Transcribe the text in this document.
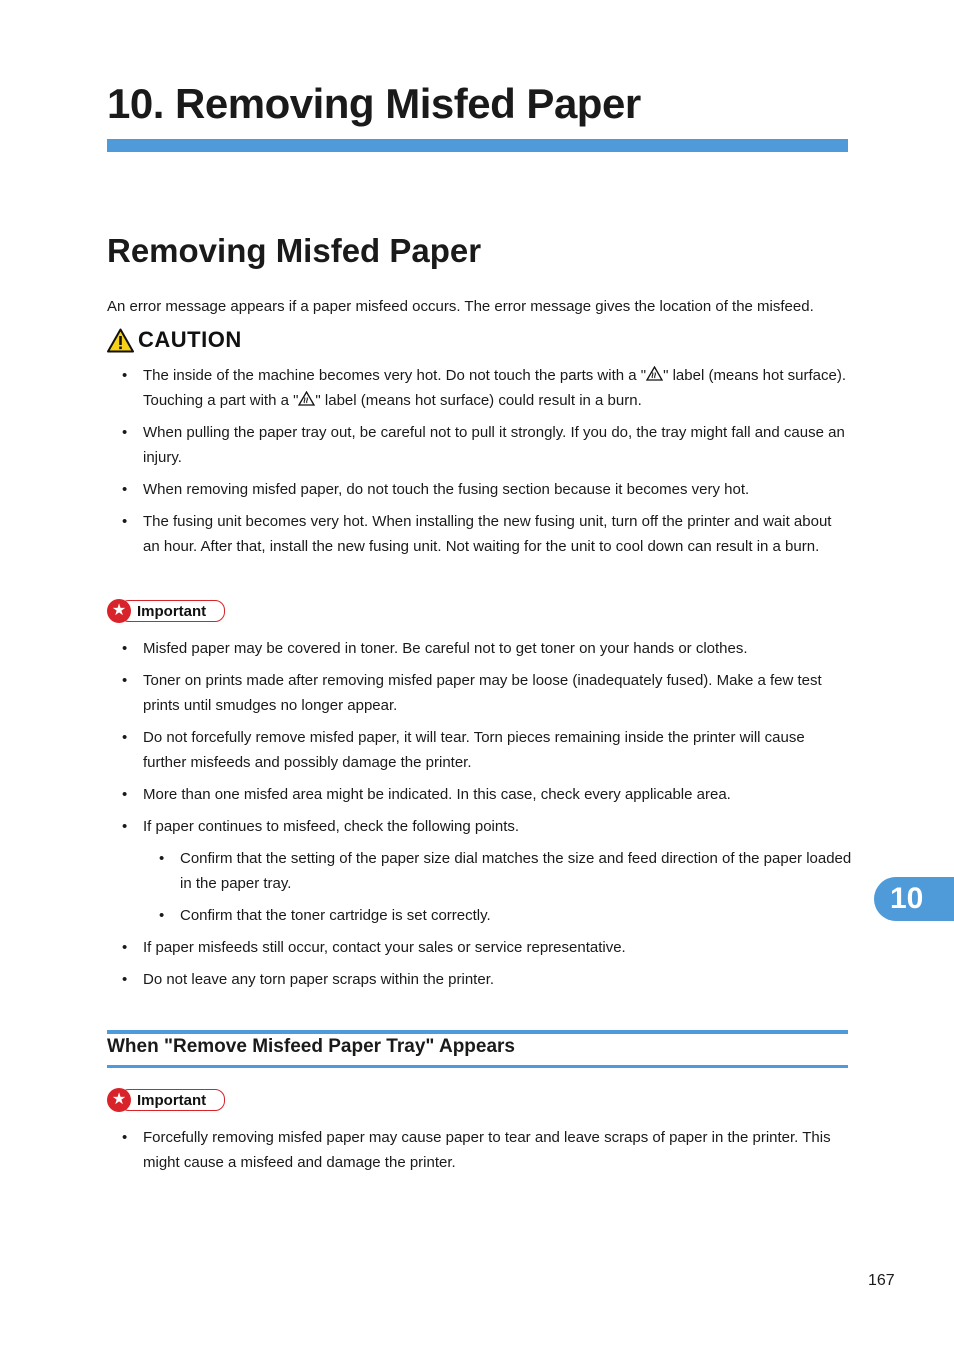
10. Removing Misfed Paper
Removing Misfed Paper

An error message appears if a paper misfeed occurs. The error message gives the location of the misfeed.

CAUTION
• The inside of the machine becomes very hot. Do not touch the parts with a " " label (means hot surface). Touching a part with a " " label (means hot surface) could result in a burn.
• When pulling the paper tray out, be careful not to pull it strongly. If you do, the tray might fall and cause an injury.
• When removing misfed paper, do not touch the fusing section because it becomes very hot.
• The fusing unit becomes very hot. When installing the new fusing unit, turn off the printer and wait about an hour. After that, install the new fusing unit. Not waiting for the unit to cool down can result in a burn.
★ Important
• Misfed paper may be covered in toner. Be careful not to get toner on your hands or clothes.
• Toner on prints made after removing misfed paper may be loose (inadequately fused). Make a few test prints until smudges no longer appear.
• Do not forcefully remove misfed paper, it will tear. Torn pieces remaining inside the printer will cause further misfeeds and possibly damage the printer.
• More than one misfed area might be indicated. In this case, check every applicable area.
• If paper continues to misfeed, check the following points.
• Confirm that the setting of the paper size dial matches the size and feed direction of the paper loaded in the paper tray.
• Confirm that the toner cartridge is set correctly.
• If paper misfeeds still occur, contact your sales or service representative.
• Do not leave any torn paper scraps within the printer.
When "Remove Misfeed Paper Tray" Appears
★ Important
• Forcefully removing misfed paper may cause paper to tear and leave scraps of paper in the printer. This might cause a misfeed and damage the printer.
10
167
